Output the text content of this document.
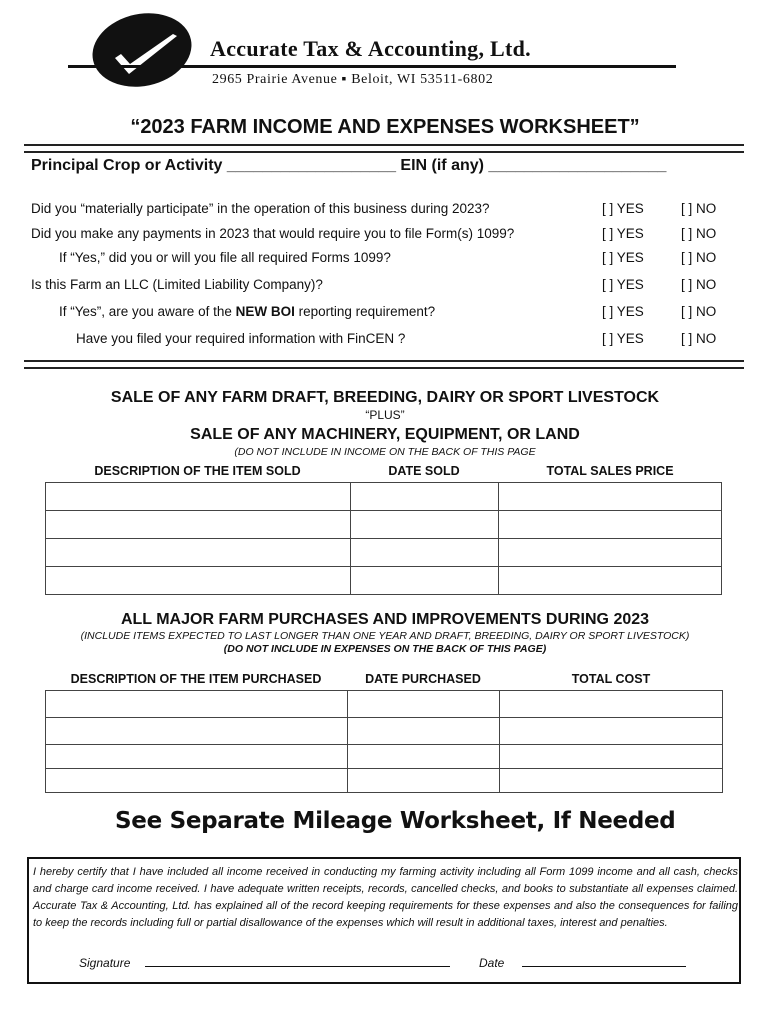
Accurate Tax & Accounting, Ltd.
2965 Prairie Avenue ▪ Beloit, WI 53511-6802
“2023 FARM INCOME AND EXPENSES WORKSHEET”
Principal Crop or Activity ___________________ EIN (if any) ____________________
Did you “materially participate” in the operation of this business during 2023?	[ ] YES	[ ] NO
Did you make any payments in 2023 that would require you to file Form(s) 1099?	[ ] YES	[ ] NO
If “Yes,” did you or will you file all required Forms 1099?	[ ] YES	[ ] NO
Is this Farm an LLC (Limited Liability Company)?	[ ] YES	[ ] NO
If “Yes”, are you aware of the NEW BOI reporting requirement?	[ ] YES	[ ] NO
Have you filed your required information with FinCEN ?	[ ] YES	[ ] NO
SALE OF ANY FARM DRAFT, BREEDING, DAIRY OR SPORT LIVESTOCK
“PLUS”
SALE OF ANY MACHINERY, EQUIPMENT, OR LAND
(DO NOT INCLUDE IN INCOME ON THE BACK OF THIS PAGE
DESCRIPTION OF THE ITEM SOLD	DATE SOLD	TOTAL SALES PRICE

ALL MAJOR FARM PURCHASES AND IMPROVEMENTS DURING 2023
(INCLUDE ITEMS EXPECTED TO LAST LONGER THAN ONE YEAR AND DRAFT, BREEDING, DAIRY OR SPORT LIVESTOCK)
(DO NOT INCLUDE IN EXPENSES ON THE BACK OF THIS PAGE)
DESCRIPTION OF THE ITEM PURCHASED	DATE PURCHASED	TOTAL COST

See Separate Mileage Worksheet, If Needed
I hereby certify that I have included all income received in conducting my farming activity including all Form 1099 income and all cash, checks and charge card income received. I have adequate written receipts, records, cancelled checks, and books to substantiate all expenses claimed. Accurate Tax & Accounting, Ltd. has explained all of the record keeping requirements for these expenses and also the consequences for failing to keep the records including full or partial disallowance of the expenses which will result in additional taxes, interest and penalties.
Signature	Date
